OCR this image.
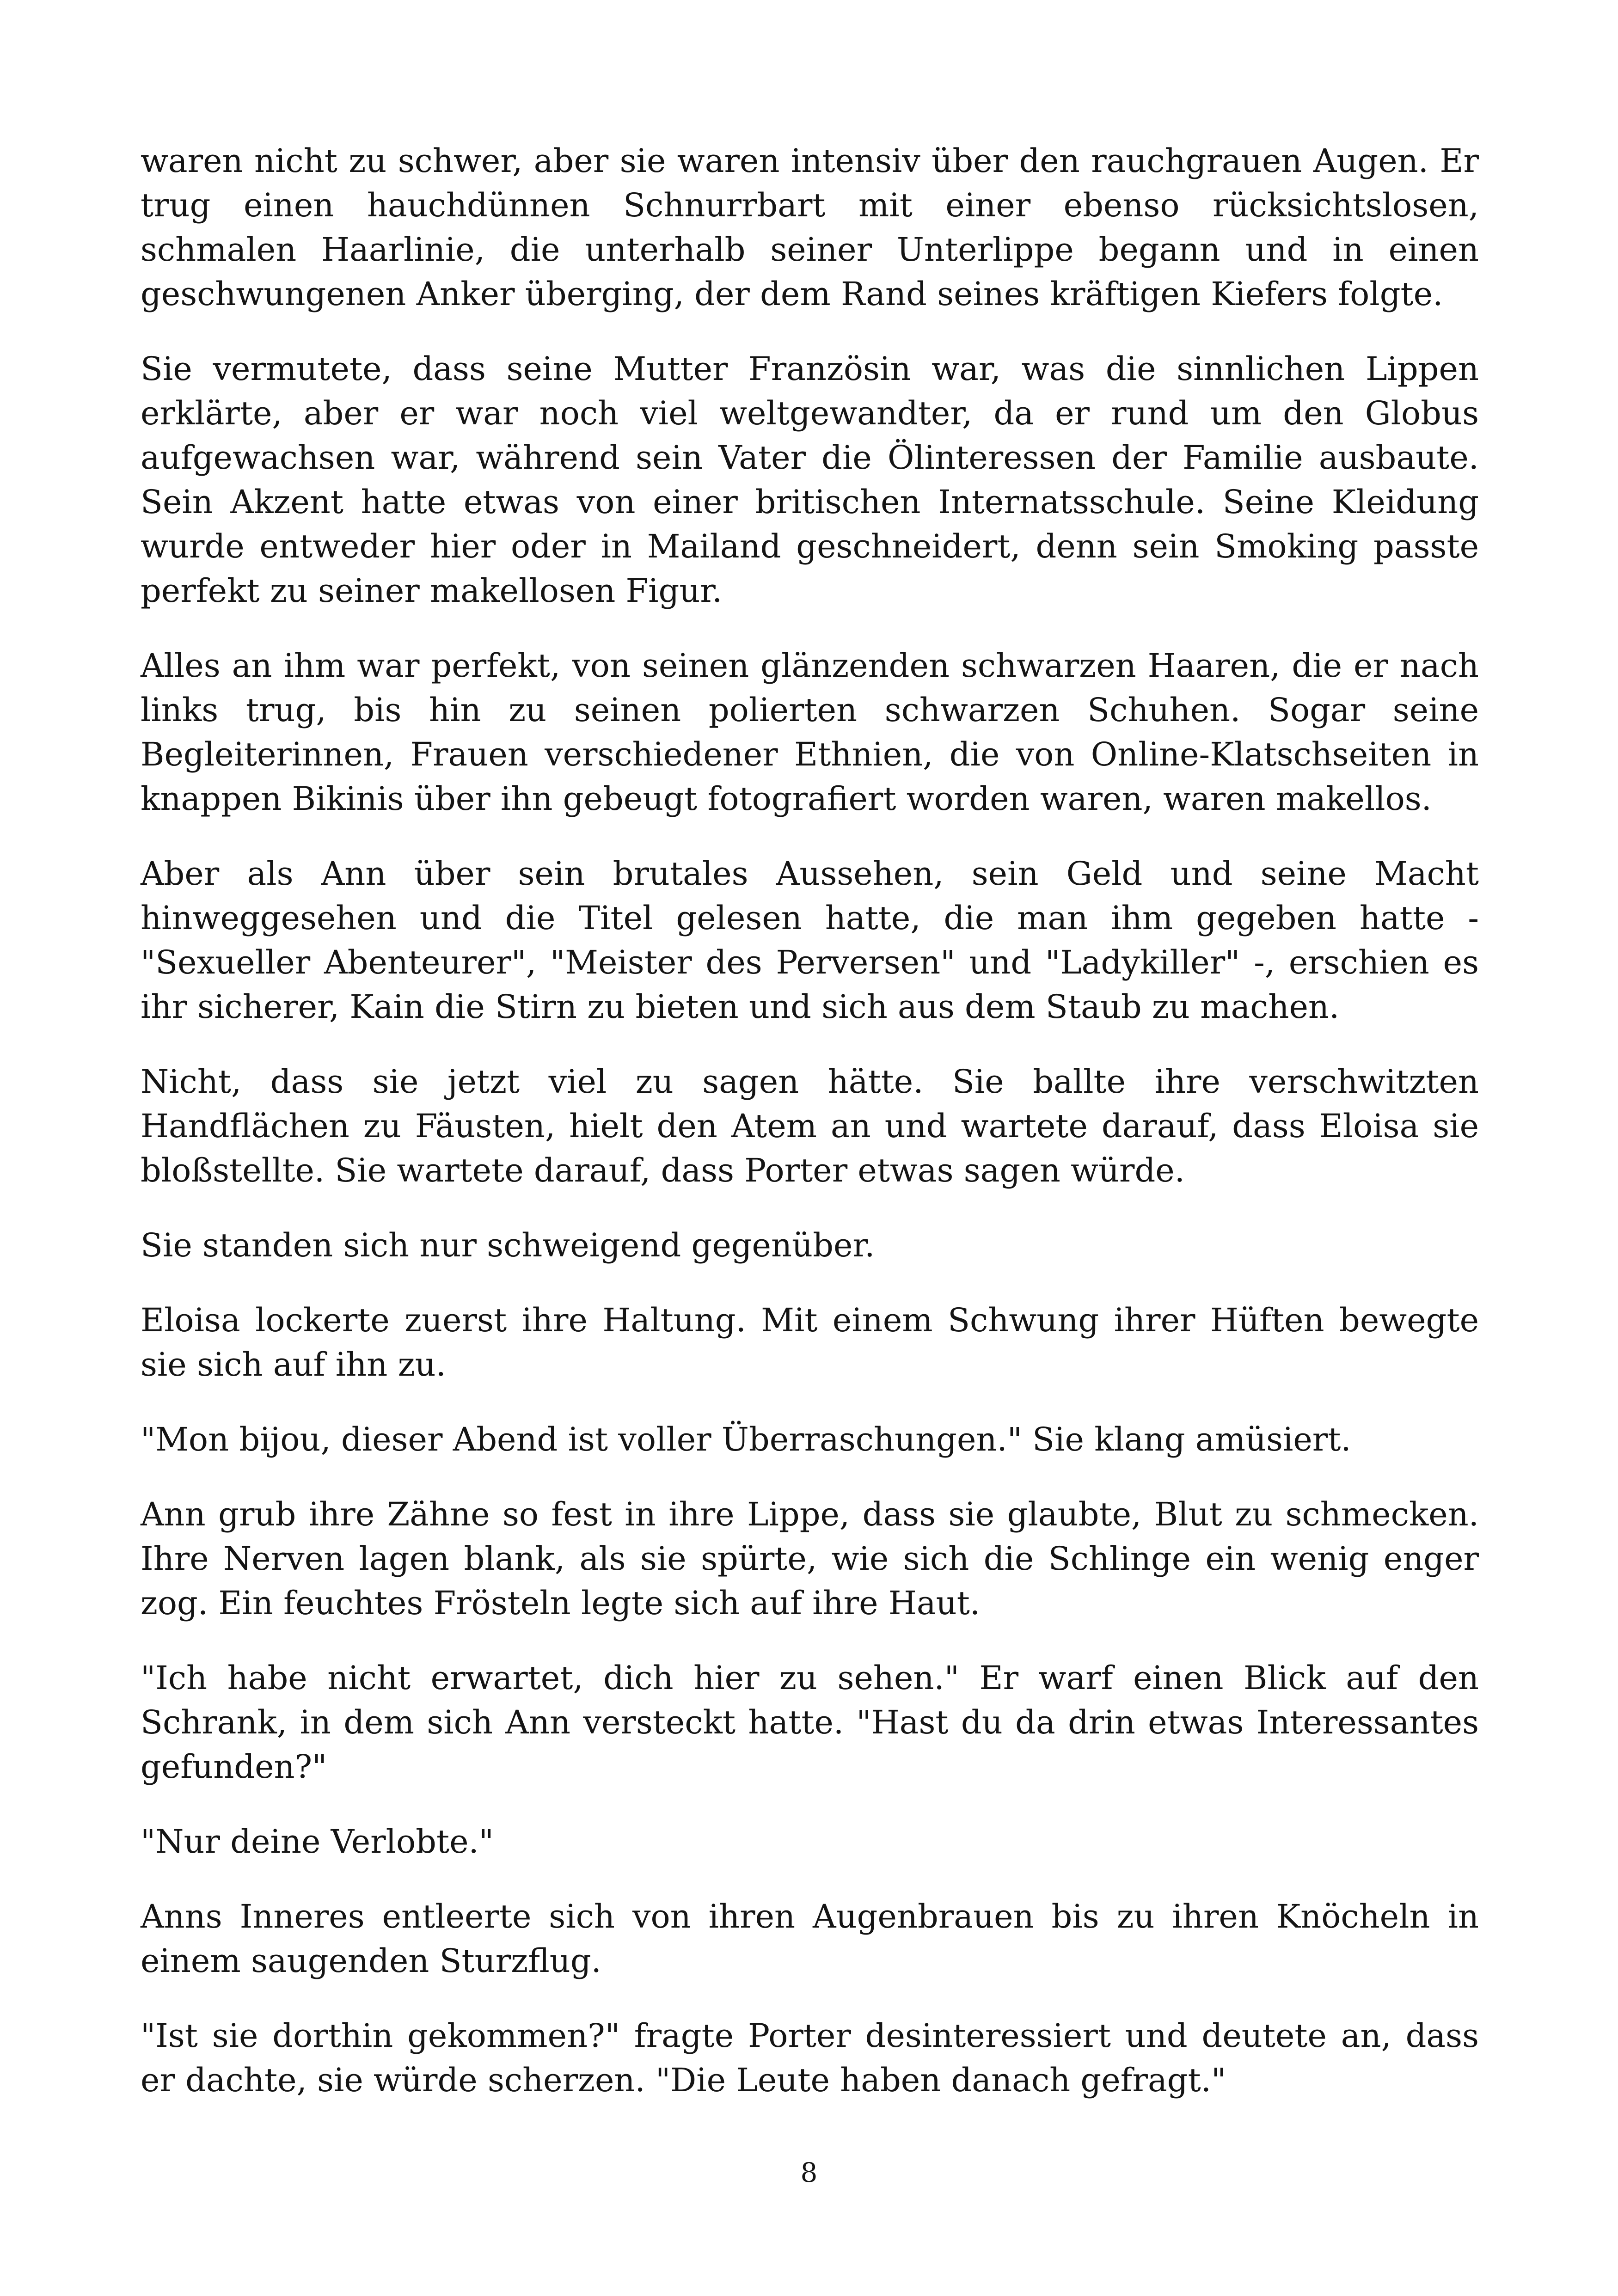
waren nicht zu schwer, aber sie waren intensiv über den rauchgrauen Augen. Er trug einen hauchdünnen Schnurrbart mit einer ebenso rücksichtslosen, schmalen Haarlinie, die unterhalb seiner Unterlippe begann und in einen geschwungenen Anker überging, der dem Rand seines kräftigen Kiefers folgte.

Sie vermutete, dass seine Mutter Französin war, was die sinnlichen Lippen erklärte, aber er war noch viel weltgewandter, da er rund um den Globus aufgewachsen war, während sein Vater die Ölinteressen der Familie ausbaute. Sein Akzent hatte etwas von einer britischen Internatsschule. Seine Kleidung wurde entweder hier oder in Mailand geschneidert, denn sein Smoking passte perfekt zu seiner makellosen Figur.

Alles an ihm war perfekt, von seinen glänzenden schwarzen Haaren, die er nach links trug, bis hin zu seinen polierten schwarzen Schuhen. Sogar seine Begleiterinnen, Frauen verschiedener Ethnien, die von Online-Klatschseiten in knappen Bikinis über ihn gebeugt fotografiert worden waren, waren makellos.

Aber als Ann über sein brutales Aussehen, sein Geld und seine Macht hinweggesehen und die Titel gelesen hatte, die man ihm gegeben hatte - "Sexueller Abenteurer", "Meister des Perversen" und "Ladykiller" -, erschien es ihr sicherer, Kain die Stirn zu bieten und sich aus dem Staub zu machen.

Nicht, dass sie jetzt viel zu sagen hätte. Sie ballte ihre verschwitzten Handflächen zu Fäusten, hielt den Atem an und wartete darauf, dass Eloisa sie bloßstellte. Sie wartete darauf, dass Porter etwas sagen würde.

Sie standen sich nur schweigend gegenüber.

Eloisa lockerte zuerst ihre Haltung. Mit einem Schwung ihrer Hüften bewegte sie sich auf ihn zu.

"Mon bijou, dieser Abend ist voller Überraschungen." Sie klang amüsiert.

Ann grub ihre Zähne so fest in ihre Lippe, dass sie glaubte, Blut zu schmecken. Ihre Nerven lagen blank, als sie spürte, wie sich die Schlinge ein wenig enger zog. Ein feuchtes Frösteln legte sich auf ihre Haut.

"Ich habe nicht erwartet, dich hier zu sehen." Er warf einen Blick auf den Schrank, in dem sich Ann versteckt hatte. "Hast du da drin etwas Interessantes gefunden?"

"Nur deine Verlobte."

Anns Inneres entleerte sich von ihren Augenbrauen bis zu ihren Knöcheln in einem saugenden Sturzflug.

"Ist sie dorthin gekommen?" fragte Porter desinteressiert und deutete an, dass er dachte, sie würde scherzen. "Die Leute haben danach gefragt."

8
